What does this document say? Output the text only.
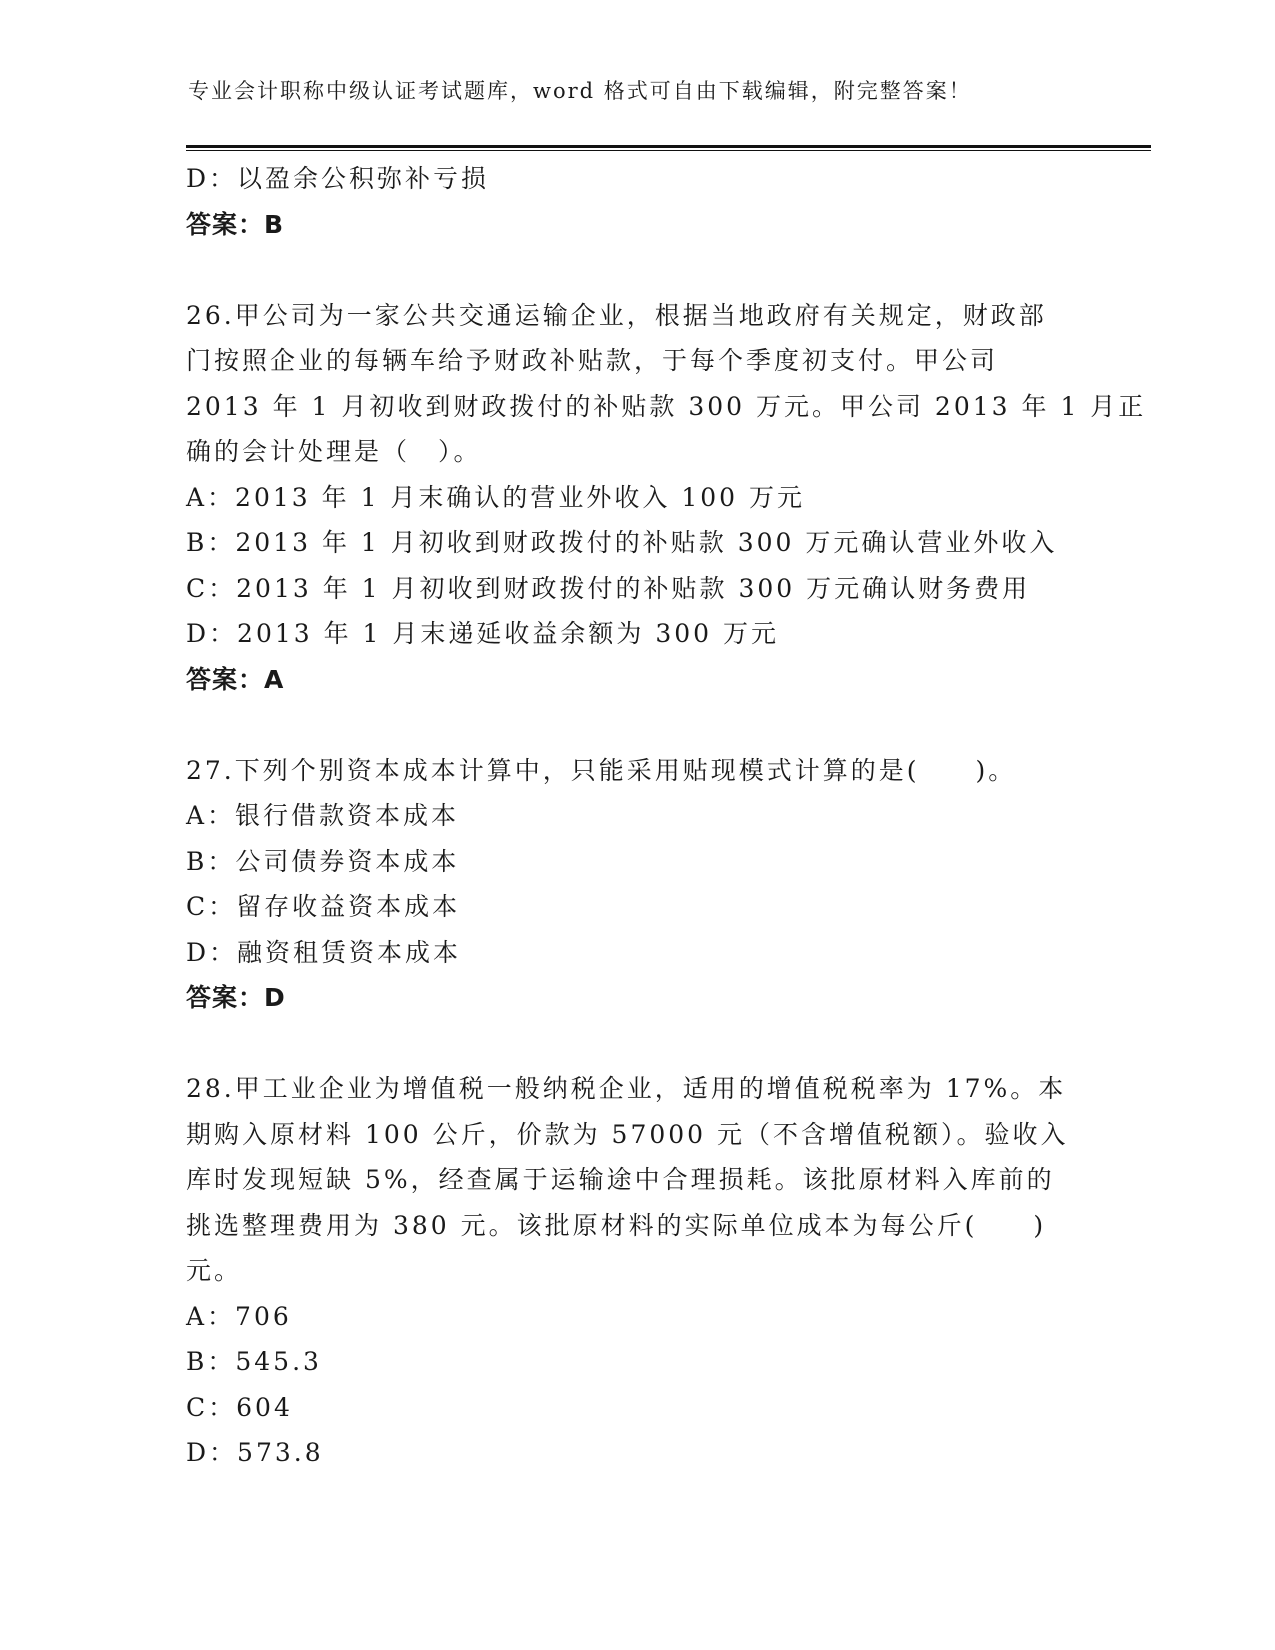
专业会计职称中级认证考试题库，word 格式可自由下载编辑，附完整答案！
D：以盈余公积弥补亏损
答案：B
26.甲公司为一家公共交通运输企业，根据当地政府有关规定，财政部
门按照企业的每辆车给予财政补贴款，于每个季度初支付。甲公司
2013 年 1 月初收到财政拨付的补贴款 300 万元。甲公司 2013 年 1 月正
确的会计处理是（　）。
A：2013 年 1 月末确认的营业外收入 100 万元
B：2013 年 1 月初收到财政拨付的补贴款 300 万元确认营业外收入
C：2013 年 1 月初收到财政拨付的补贴款 300 万元确认财务费用
D：2013 年 1 月末递延收益余额为 300 万元
答案：A
27.下列个别资本成本计算中，只能采用贴现模式计算的是(　　)。
A：银行借款资本成本
B：公司债券资本成本
C：留存收益资本成本
D：融资租赁资本成本
答案：D
28.甲工业企业为增值税一般纳税企业，适用的增值税税率为 17%。本
期购入原材料 100 公斤，价款为 57000 元（不含增值税额）。验收入
库时发现短缺 5%，经查属于运输途中合理损耗。该批原材料入库前的
挑选整理费用为 380 元。该批原材料的实际单位成本为每公斤(　　)
元。
A：706
B：545.3
C：604
D：573.8
